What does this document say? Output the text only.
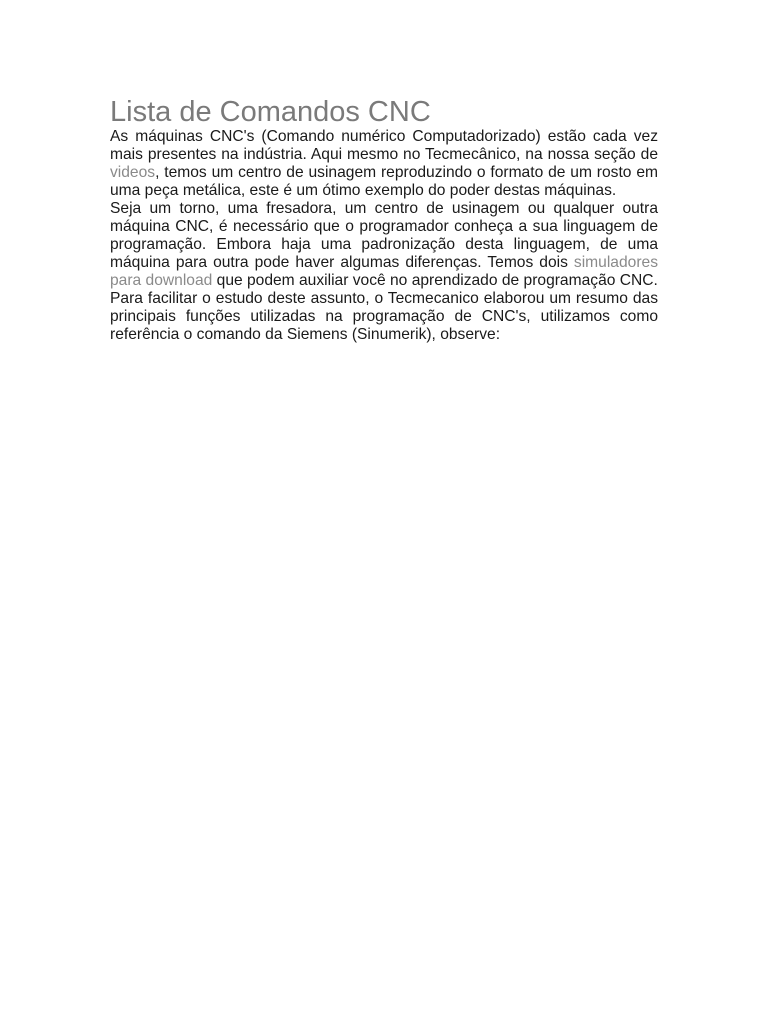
Lista de Comandos CNC

As máquinas CNC's (Comando numérico Computadorizado) estão cada vez mais presentes na indústria. Aqui mesmo no Tecmecânico, na nossa seção de videos, temos um centro de usinagem reproduzindo o formato de um rosto em uma peça metálica, este é um ótimo exemplo do poder destas máquinas.

Seja um torno, uma fresadora, um centro de usinagem ou qualquer outra máquina CNC, é necessário que o programador conheça a sua linguagem de programação. Embora haja uma padronização desta linguagem, de uma máquina para outra pode haver algumas diferenças. Temos dois simuladores para download que podem auxiliar você no aprendizado de programação CNC.

Para facilitar o estudo deste assunto, o Tecmecanico elaborou um resumo das principais funções utilizadas na programação de CNC's, utilizamos como referência o comando da Siemens (Sinumerik), observe:
